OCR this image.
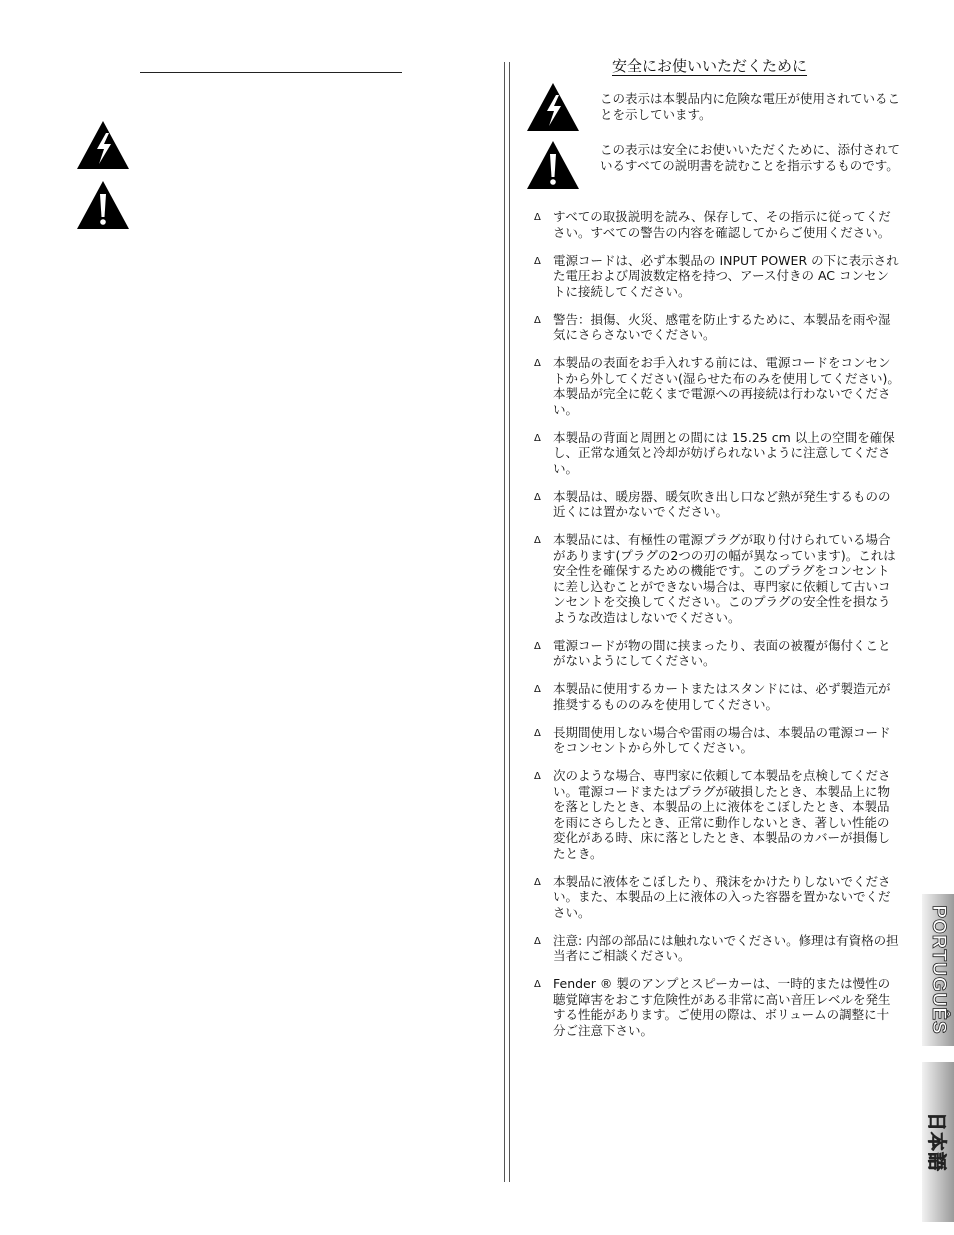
安全にお使いいただくために
この表示は本製品内に危険な電圧が使用されていることを示しています。
この表示は安全にお使いいただくために、添付されているすべての説明書を読むことを指示するものです。
Δ すべての取扱説明を読み、保存して、その指示に従ってください。すべての警告の内容を確認してからご使用ください。
Δ 電源コードは、必ず本製品の INPUT POWER の下に表示された電圧および周波数定格を持つ、アース付きの AC コンセントに接続してください。
Δ 警告：損傷、火災、感電を防止するために、本製品を雨や湿気にさらさないでください。
Δ 本製品の表面をお手入れする前には、電源コードをコンセントから外してください(湿らせた布のみを使用してください)。本製品が完全に乾くまで電源への再接続は行わないでください。
Δ 本製品の背面と周囲との間には 15.25 cm 以上の空間を確保し、正常な通気と冷却が妨げられないように注意してください。
Δ 本製品は、暖房器、暖気吹き出し口など熱が発生するものの近くには置かないでください。
Δ 本製品には、有極性の電源プラグが取り付けられている場合があります(プラグの2つの刃の幅が異なっています)。これは安全性を確保するための機能です。このプラグをコンセントに差し込むことができない場合は、専門家に依頼して古いコンセントを交換してください。このプラグの安全性を損なうような改造はしないでください。
Δ 電源コードが物の間に挟まったり、表面の被覆が傷付くことがないようにしてください。
Δ 本製品に使用するカートまたはスタンドには、必ず製造元が推奨するもののみを使用してください。
Δ 長期間使用しない場合や雷雨の場合は、本製品の電源コードをコンセントから外してください。
Δ 次のような場合、専門家に依頼して本製品を点検してください。電源コードまたはプラグが破損したとき、本製品上に物を落としたとき、本製品の上に液体をこぼしたとき、本製品を雨にさらしたとき、正常に動作しないとき、著しい性能の変化がある時、床に落としたとき、本製品のカバーが損傷したとき。
Δ 本製品に液体をこぼしたり、飛沫をかけたりしないでください。また、本製品の上に液体の入った容器を置かないでください。
Δ 注意: 内部の部品には触れないでください。修理は有資格の担当者にご相談ください。
Δ Fender ® 製のアンプとスピーカーは、一時的または慢性の聴覚障害をおこす危険性がある非常に高い音圧レベルを発生する性能があります。ご使用の際は、ボリュームの調整に十分ご注意下さい。	PORTUGUÊS
日本語
